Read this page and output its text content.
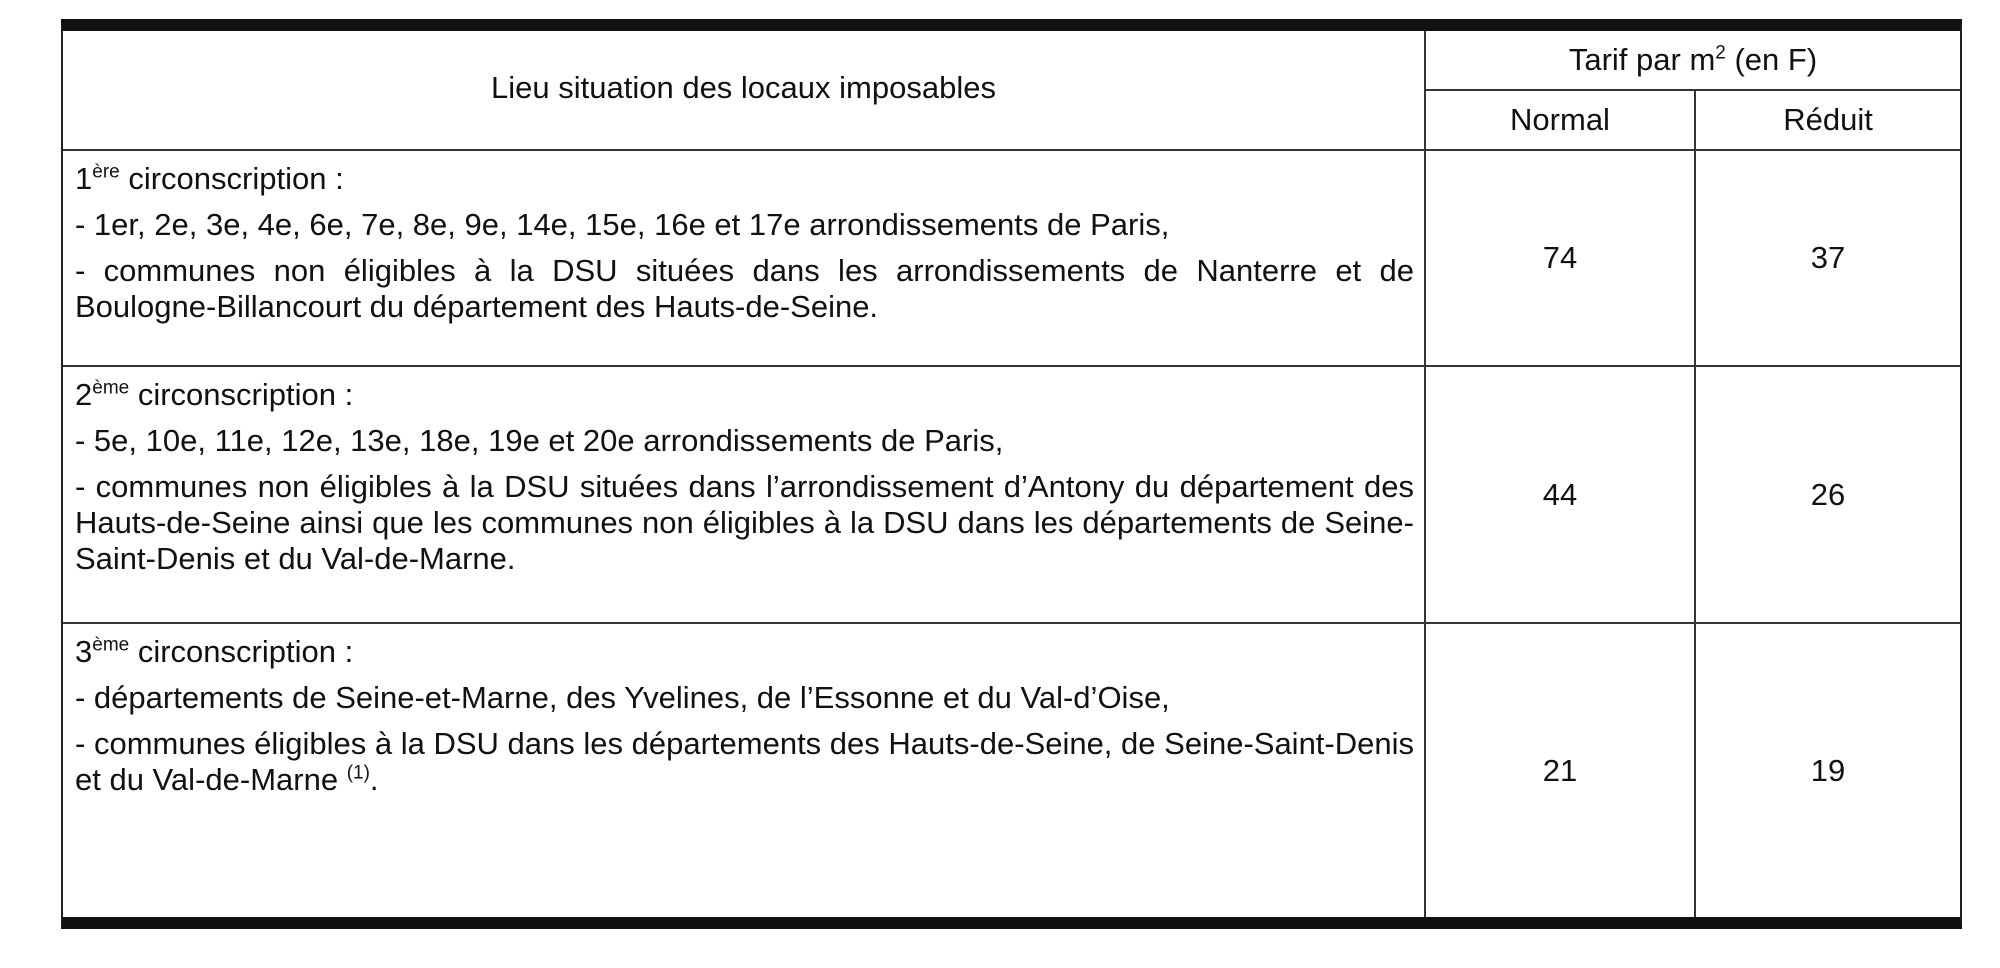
Lieu situation des locaux imposables	Tarif par $m^2$ (en F)	
	Normal	Réduit

1ère circonscription :
- 1er, 2e, 3e, 4e, 6e, 7e, 8e, 9e, 14e, 15e, 16e et 17e arrondissements de Paris,
- communes non éligibles à la DSU situées dans les arrondissements de Nanterre et de Boulogne-Billancourt du département des Hauts-de-Seine.	74	37

2ème circonscription :
- 5e, 10e, 11e, 12e, 13e, 18e, 19e et 20e arrondissements de Paris,
- communes non éligibles à la DSU situées dans l’arrondissement d’Antony du département des Hauts-de-Seine ainsi que les communes non éligibles à la DSU dans les départements de Seine-Saint-Denis et du Val-de-Marne.	44	26

3ème circonscription :
- départements de Seine-et-Marne, des Yvelines, de l’Essonne et du Val-d’Oise,
- communes éligibles à la DSU dans les départements des Hauts-de-Seine, de Seine-Saint-Denis et du Val-de-Marne $^{(1)}$.	21	19
